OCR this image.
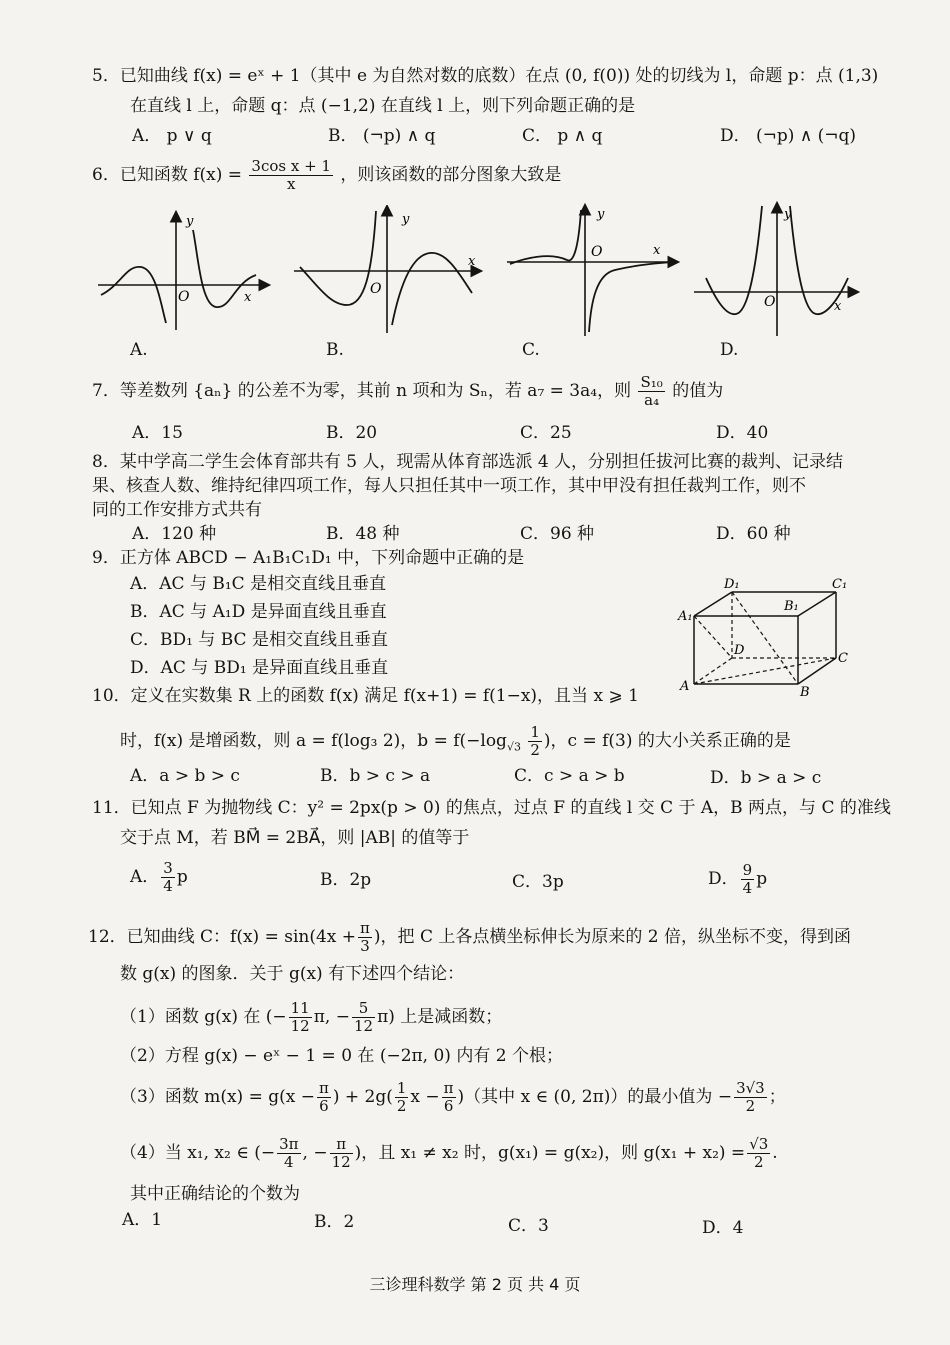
5．已知曲线 f(x) = eˣ + 1（其中 e 为自然对数的底数）在点 (0, f(0)) 处的切线为 l，命题 p：点 (1,3)
在直线 l 上，命题 q：点 (−1,2) 在直线 l 上，则下列命题正确的是
A． p ∨ q	B． (¬p) ∧ q	C． p ∧ q	D． (¬p) ∧ (¬q)
6．已知函数 $f(x) = \frac{\text{3cos x + 1}}{x}$ ，则该函数的部分图象大致是
y
O	x
A.
y
O
x
B.
y
O	x
C.
y
O	x
D.
7．等差数列 {aₙ} 的公差不为零，其前 n 项和为 Sₙ，若 a₇ = 3a₄，则 $\frac{\text{S₁₀}}{\text{a₄}}$ 的值为
A．15	B．20	C．25	D．40
8．某中学高二学生会体育部共有 5 人，现需从体育部选派 4 人，分别担任拔河比赛的裁判、记录结
果、核查人数、维持纪律四项工作，每人只担任其中一项工作，其中甲没有担任裁判工作，则不
同的工作安排方式共有
A．120 种	B．48 种	C．96 种	D．60 种
9．正方体 ABCD − A₁B₁C₁D₁ 中，下列命题中正确的是
A．AC 与 B₁C 是相交直线且垂直
B．AC 与 A₁D 是异面直线且垂直
C．BD₁ 与 BC 是相交直线且垂直
D．AC 与 BD₁ 是异面直线且垂直
D₁	C₁
A₁
B₁
D
C
A	B
10．定义在实数集 R 上的函数 f(x) 满足 f(x+1) = f(1−x)，且当 x ⩾ 1
时，f(x) 是增函数，则 a = f(log₃ 2)，$b = f(-\log_{√3} \frac{1}{2}$ )，c = f(3) 的大小关系正确的是
A．a > b > c	B．b > c > a	C．c > a > b	D．b > a > c
11．已知点 F 为抛物线 C：y² = 2px(p > 0) 的焦点，过点 F 的直线 l 交 C 于 A，B 两点，与 C 的准线
交于点 M，若 BM⃗ = 2BA⃗，则 |AB| 的值等于
A． $\frac{3}{4}$ p	B．2p	C．3p	D． $\frac{9}{4}$ p
12．已知曲线 C：$f(x) = \sin(4x + \frac{\pi}{3}$ )，把 C 上各点横坐标伸长为原来的 2 倍，纵坐标不变，得到函
数 g(x) 的图象．关于 g(x) 有下述四个结论：
（1）函数 g(x) 在 (− $\frac{11}{12} \pi$, − $\frac{5}{12} \pi$) 上是减函数；
（2）方程 g(x) − eˣ − 1 = 0 在 (−2π, 0) 内有 2 个根；
（3）函数 $m(x) = g(x - \frac{\pi}{6}$ ) + $2g( \frac{1}{2}$ $x - \frac{\pi}{6}$ )（其中 x ∈ (0, 2π)）的最小值为 − $\frac{3√3}{2}$ ；
（4）当 x₁, x₂ ∈ (− $\frac{3\pi}{4}$ , − $\frac{\pi}{12}$ )，且 x₁ ≠ x₂ 时，g(x₁) = g(x₂)，则 $g(x_1 + x_2) = \frac{√3}{2}$ .
其中正确结论的个数为
A．1	B．2	C．3	D．4
三诊理科数学 第 2 页 共 4 页
